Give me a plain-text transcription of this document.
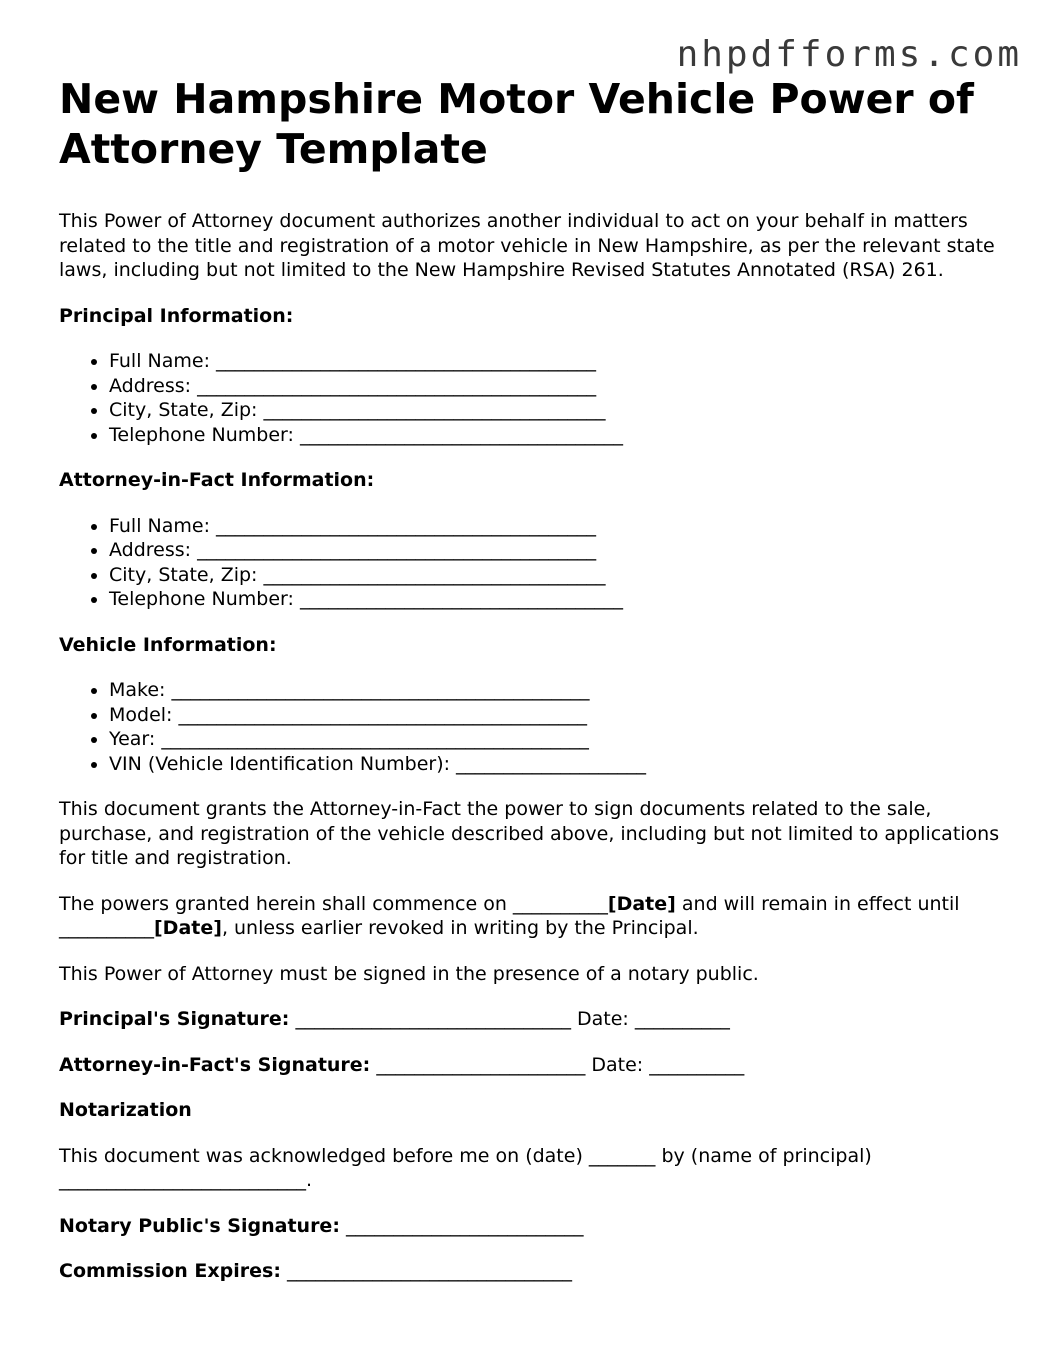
nhpdfforms.com
New Hampshire Motor Vehicle Power of Attorney Template

This Power of Attorney document authorizes another individual to act on your behalf in matters related to the title and registration of a motor vehicle in New Hampshire, as per the relevant state laws, including but not limited to the New Hampshire Revised Statutes Annotated (RSA) 261.

Principal Information:

• Full Name: ________________________________________
• Address: __________________________________________
• City, State, Zip: ____________________________________
• Telephone Number: __________________________________

Attorney-in-Fact Information:

• Full Name: ________________________________________
• Address: __________________________________________
• City, State, Zip: ____________________________________
• Telephone Number: __________________________________

Vehicle Information:

• Make: ____________________________________________
• Model: ___________________________________________
• Year: _____________________________________________
• VIN (Vehicle Identification Number): ____________________

This document grants the Attorney-in-Fact the power to sign documents related to the sale, purchase, and registration of the vehicle described above, including but not limited to applications for title and registration.

The powers granted herein shall commence on __________[Date] and will remain in effect until __________[Date], unless earlier revoked in writing by the Principal.

This Power of Attorney must be signed in the presence of a notary public.

Principal's Signature: _____________________________ Date: __________

Attorney-in-Fact's Signature: ______________________ Date: __________

Notarization

This document was acknowledged before me on (date) _______ by (name of principal) __________________________.

Notary Public's Signature: _________________________

Commission Expires: ______________________________
